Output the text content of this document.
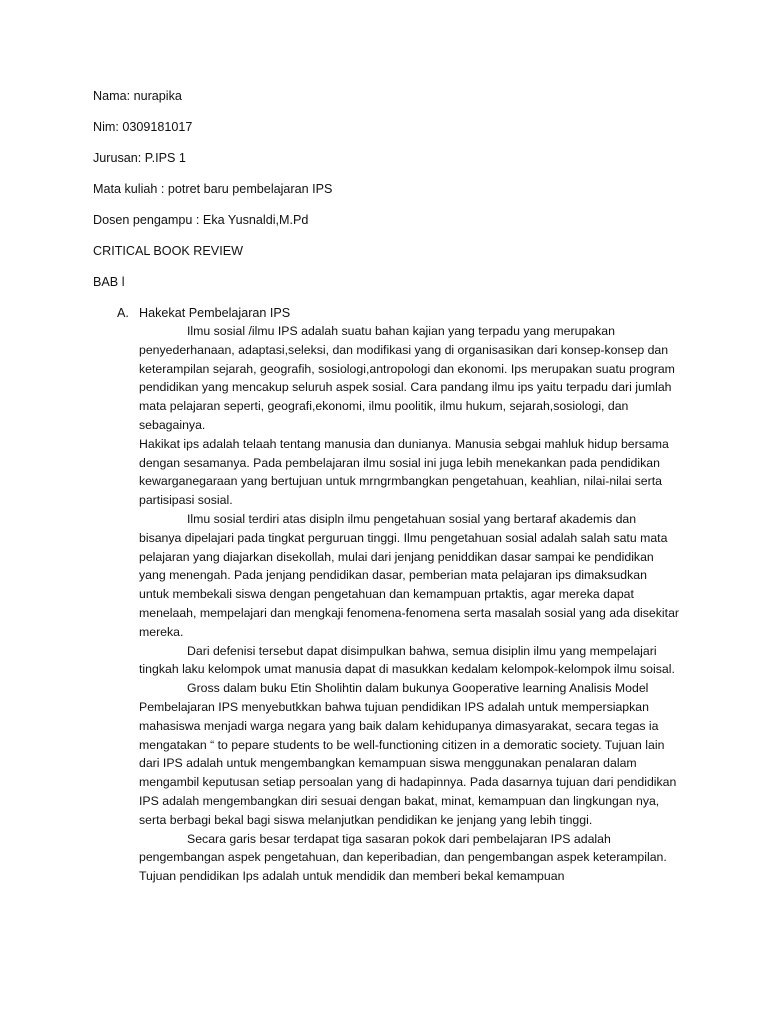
Nama: nurapika
Nim: 0309181017
Jurusan: P.IPS 1
Mata kuliah : potret baru pembelajaran IPS
Dosen pengampu : Eka Yusnaldi,M.Pd
CRITICAL BOOK REVIEW
BAB l
A. Hakekat Pembelajaran IPS

Ilmu sosial /ilmu IPS adalah suatu bahan kajian yang terpadu yang merupakan penyederhanaan, adaptasi,seleksi, dan modifikasi yang di organisasikan dari konsep-konsep dan keterampilan sejarah, geografih, sosiologi,antropologi dan ekonomi. Ips merupakan suatu program pendidikan yang mencakup seluruh aspek sosial. Cara pandang ilmu ips yaitu terpadu dari jumlah mata pelajaran seperti, geografi,ekonomi, ilmu poolitik, ilmu hukum, sejarah,sosiologi, dan sebagainya.

Hakikat ips adalah telaah tentang manusia dan dunianya. Manusia sebgai mahluk hidup bersama dengan sesamanya. Pada pembelajaran ilmu sosial ini juga lebih menekankan pada pendidikan kewarganegaraan yang bertujuan untuk mrngrmbangkan pengetahuan, keahlian, nilai-nilai serta partisipasi sosial.

Ilmu sosial terdiri atas disipln ilmu pengetahuan sosial yang bertaraf akademis dan bisanya dipelajari pada tingkat perguruan tinggi. Ilmu pengetahuan sosial adalah salah satu mata pelajaran yang diajarkan disekollah, mulai dari jenjang peniddikan dasar sampai ke pendidikan yang menengah. Pada jenjang pendidikan dasar, pemberian mata pelajaran ips dimaksudkan untuk membekali siswa dengan pengetahuan dan kemampuan prtaktis, agar mereka dapat menelaah, mempelajari dan mengkaji fenomena-fenomena serta masalah sosial yang ada disekitar mereka.

Dari defenisi tersebut dapat disimpulkan bahwa, semua disiplin ilmu yang mempelajari tingkah laku kelompok umat manusia dapat di masukkan kedalam kelompok-kelompok ilmu soisal.

Gross dalam buku Etin Sholihtin dalam bukunya Gooperative learning Analisis Model Pembelajaran IPS menyebutkkan bahwa tujuan pendidikan IPS adalah untuk mempersiapkan mahasiswa menjadi warga negara yang baik dalam kehidupanya dimasyarakat, secara tegas ia mengatakan “ to pepare students to be well-functioning citizen in a demoratic society. Tujuan lain dari IPS adalah untuk mengembangkan kemampuan siswa menggunakan penalaran dalam mengambil keputusan setiap persoalan yang di hadapinnya. Pada dasarnya tujuan dari pendidikan IPS adalah mengembangkan diri sesuai dengan bakat, minat, kemampuan dan lingkungan nya, serta berbagi bekal bagi siswa melanjutkan pendidikan ke jenjang yang lebih tinggi.

Secara garis besar terdapat tiga sasaran pokok dari pembelajaran IPS adalah pengembangan aspek pengetahuan, dan keperibadian, dan pengembangan aspek keterampilan. Tujuan pendidikan Ips adalah untuk mendidik dan memberi bekal kemampuan
